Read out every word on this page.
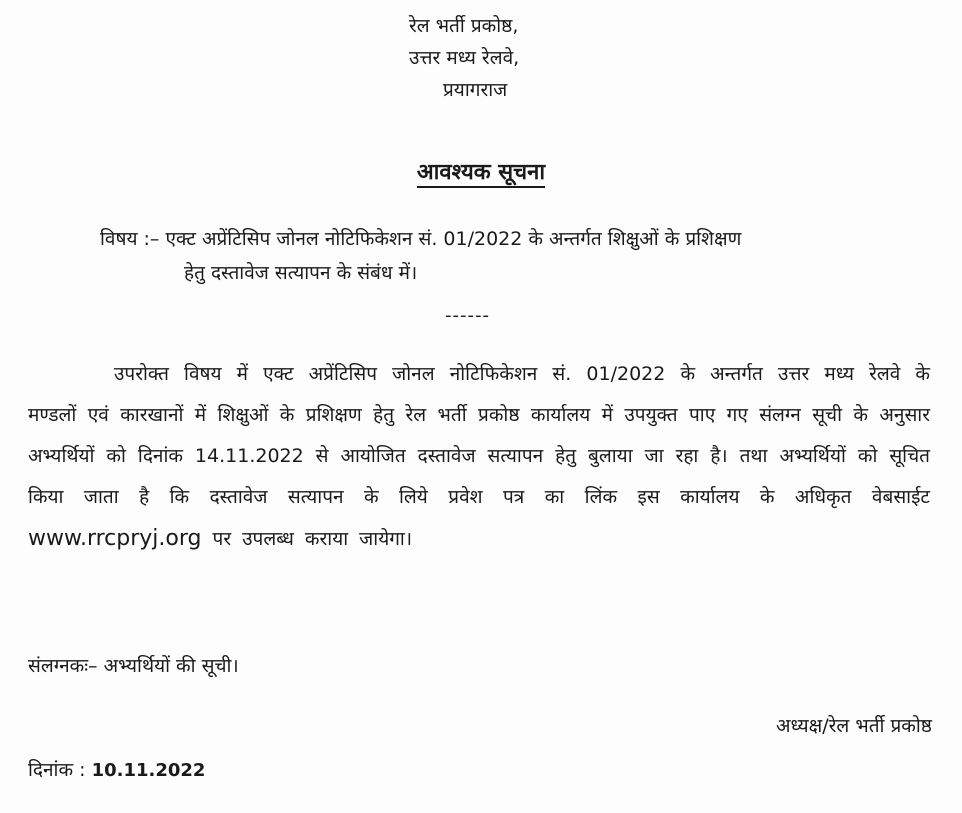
रेल भर्ती प्रकोष्ठ,
उत्तर मध्य रेलवे,
प्रयागराज
आवश्यक सूचना
विषय :– एक्ट अप्रेंटिसिप जोनल नोटिफिकेशन सं. 01/2022 के अन्तर्गत शिक्षुओं के प्रशिक्षण
हेतु दस्तावेज सत्यापन के संबंध में।
------
उपरोक्त विषय में एक्ट अप्रेंटिसिप जोनल नोटिफिकेशन सं. 01/2022 के अन्तर्गत उत्तर मध्य रेलवे के मण्डलों एवं कारखानों में शिक्षुओं के प्रशिक्षण हेतु रेल भर्ती प्रकोष्ठ कार्यालय में उपयुक्त पाए गए संलग्न सूची के अनुसार अभ्यर्थियों को दिनांक 14.11.2022 से आयोजित दस्तावेज सत्यापन हेतु बुलाया जा रहा है। तथा अभ्यर्थियों को सूचित किया जाता है कि दस्तावेज सत्यापन के लिये प्रवेश पत्र का लिंक इस कार्यालय के अधिकृत वेबसाईट www.rrcpryj.org पर उपलब्ध कराया जायेगा।
संलग्नकः– अभ्यर्थियों की सूची।
अध्यक्ष/रेल भर्ती प्रकोष्ठ
दिनांक : 10.11.2022
